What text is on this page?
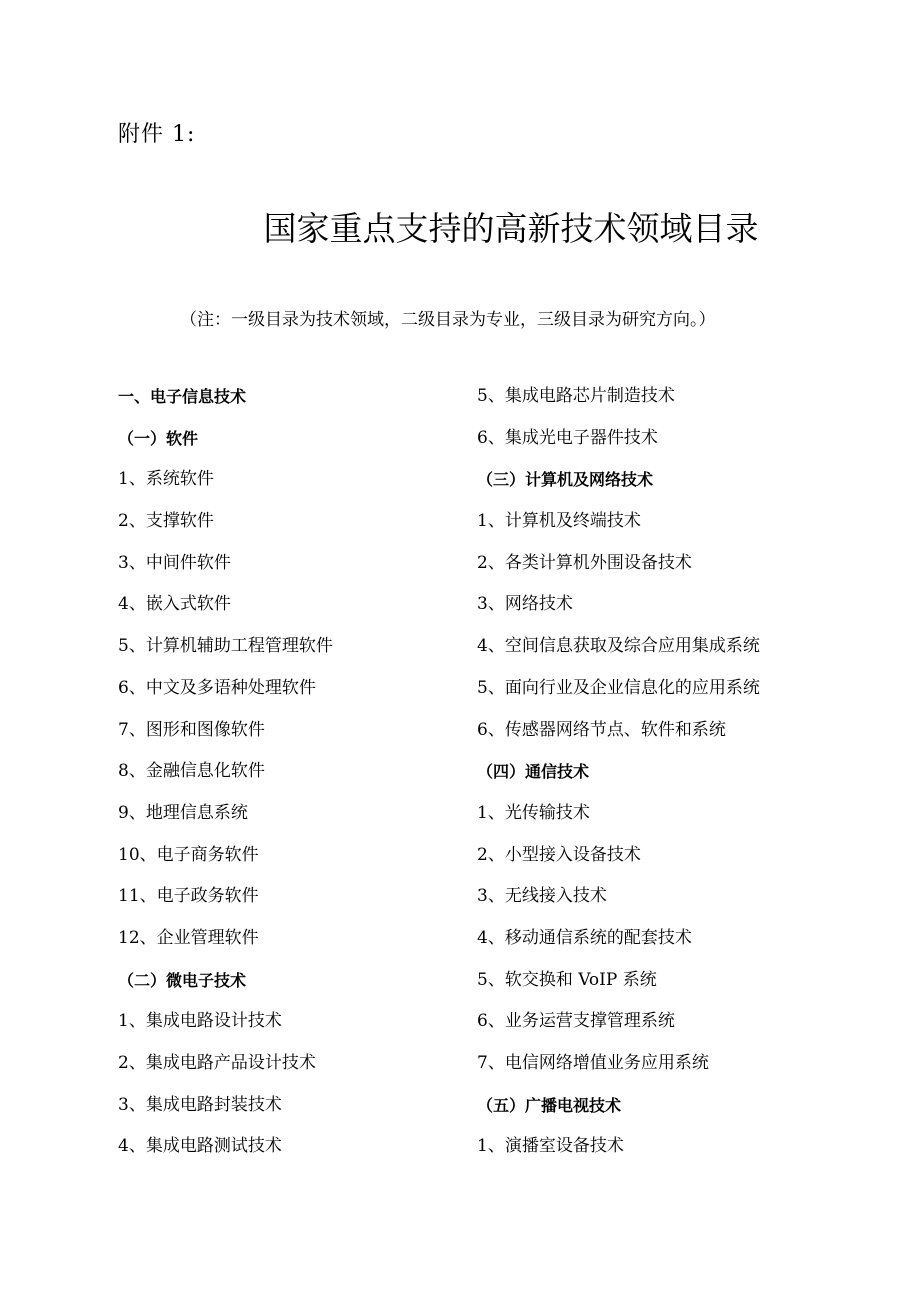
附件 1:
国家重点支持的高新技术领域目录
（注：一级目录为技术领域，二级目录为专业，三级目录为研究方向。）
一、电子信息技术
（一）软件
1、系统软件
2、支撑软件
3、中间件软件
4、嵌入式软件
5、计算机辅助工程管理软件
6、中文及多语种处理软件
7、图形和图像软件
8、金融信息化软件
9、地理信息系统
10、电子商务软件
11、电子政务软件
12、企业管理软件
（二）微电子技术
1、集成电路设计技术
2、集成电路产品设计技术
3、集成电路封装技术
4、集成电路测试技术
5、集成电路芯片制造技术
6、集成光电子器件技术
（三）计算机及网络技术
1、计算机及终端技术
2、各类计算机外围设备技术
3、网络技术
4、空间信息获取及综合应用集成系统
5、面向行业及企业信息化的应用系统
6、传感器网络节点、软件和系统
（四）通信技术
1、光传输技术
2、小型接入设备技术
3、无线接入技术
4、移动通信系统的配套技术
5、软交换和 VoIP 系统
6、业务运营支撑管理系统
7、电信网络增值业务应用系统
（五）广播电视技术
1、演播室设备技术
